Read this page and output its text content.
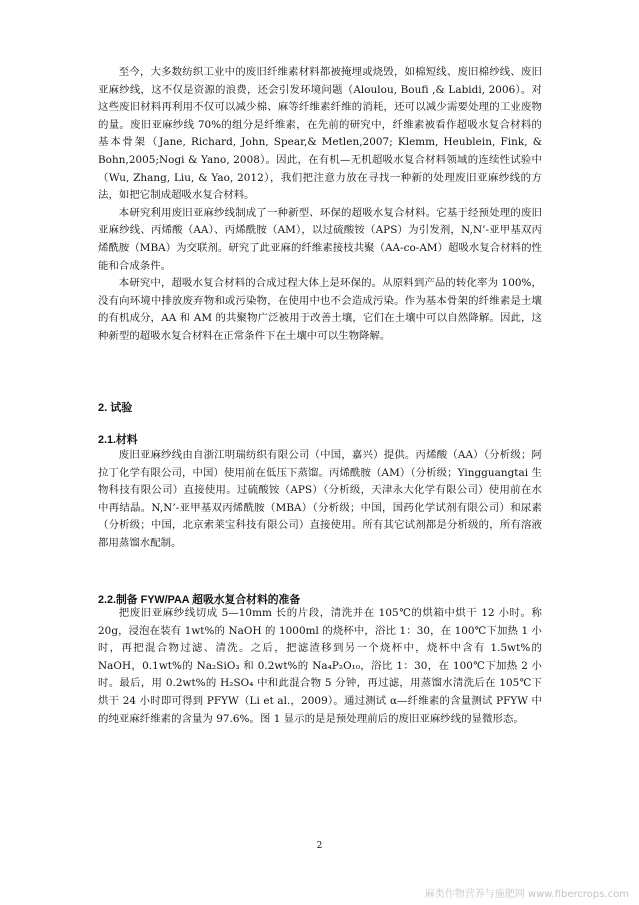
至今，大多数纺织工业中的废旧纤维素材料都被掩埋或烧毁，如棉短线、废旧棉纱线、废旧亚麻纱线，这不仅是资源的浪费，还会引发环境问题（Aloulou, Boufi ,& Labidi, 2006）。对这些废旧材料再利用不仅可以减少棉、麻等纤维素纤维的消耗，还可以减少需要处理的工业废物的量。废旧亚麻纱线 70%的组分是纤维素，在先前的研究中，纤维素被看作超吸水复合材料的基本骨架（Jane, Richard, John, Spear,& Metlen,2007; Klemm, Heublein, Fink, & Bohn,2005;Nogi & Yano, 2008）。因此，在有机—无机超吸水复合材料领域的连续性试验中（Wu, Zhang, Liu, & Yao, 2012），我们把注意力放在寻找一种新的处理废旧亚麻纱线的方法，如把它制成超吸水复合材料。

本研究利用废旧亚麻纱线制成了一种新型、环保的超吸水复合材料。它基于经预处理的废旧亚麻纱线、丙烯酸（AA）、丙烯酰胺（AM），以过硫酸铵（APS）为引发剂，N,N’-亚甲基双丙烯酰胺（MBA）为交联剂。研究了此亚麻的纤维素接枝共聚（AA-co-AM）超吸水复合材料的性能和合成条件。

本研究中，超吸水复合材料的合成过程大体上是环保的。从原料到产品的转化率为 100%，没有向环境中排放废弃物和或污染物，在使用中也不会造成污染。作为基本骨架的纤维素是土壤的有机成分，AA 和 AM 的共聚物广泛被用于改善土壤，它们在土壤中可以自然降解。因此，这种新型的超吸水复合材料在正常条件下在土壤中可以生物降解。

2. 试验
2.1.材料

废旧亚麻纱线由自浙江明瑞纺织有限公司（中国，嘉兴）提供。丙烯酸（AA）（分析级；阿拉丁化学有限公司，中国）使用前在低压下蒸馏。丙烯酰胺（AM）（分析级；Yingguangtai 生物科技有限公司）直接使用。过硫酸铵（APS）（分析级，天津永大化学有限公司）使用前在水中再结晶。N,N’-亚甲基双丙烯酰胺（MBA）（分析级；中国，国药化学试剂有限公司）和尿素（分析级；中国，北京索莱宝科技有限公司）直接使用。所有其它试剂都是分析级的，所有溶液都用蒸馏水配制。

2.2.制备 FYW/PAA 超吸水复合材料的准备

把废旧亚麻纱线切成 5—10mm 长的片段，清洗并在 105℃的烘箱中烘干 12 小时。称 20g，浸泡在装有 1wt%的 NaOH 的 1000ml 的烧杯中，浴比 1：30，在 100℃下加热 1 小时，再把混合物过滤、清洗。之后，把滤渣移到另一个烧杯中，烧杯中含有 1.5wt%的 NaOH，0.1wt%的 Na₂SiO₃ 和 0.2wt%的 Na₄P₂O₁₀，浴比 1：30，在 100℃下加热 2 小时。最后，用 0.2wt%的 H₂SO₄ 中和此混合物 5 分钟，再过滤，用蒸馏水清洗后在 105℃下烘干 24 小时即可得到 PFYW（Li et al.，2009）。通过测试 α—纤维素的含量测试 PFYW 中的纯亚麻纤维素的含量为 97.6%。图 1 显示的是是预处理前后的废旧亚麻纱线的显微形态。

2
麻类作物营养与施肥网 www.fibercrops.com
